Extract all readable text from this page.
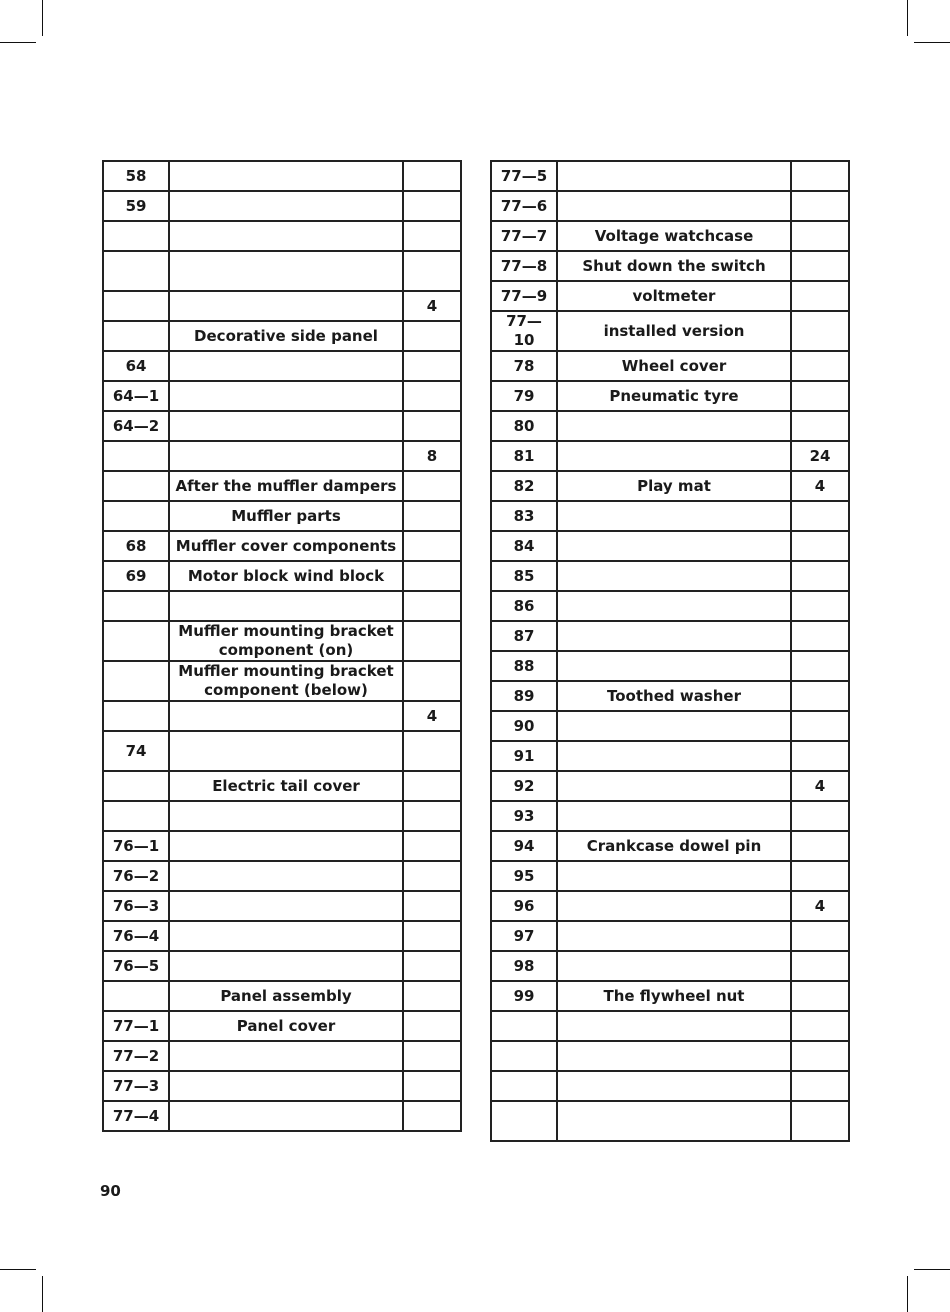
58		
59		

		4
	Decorative side panel	
64		
64—1		
64—2		
		8
	After the muffler dampers	
	Muffler parts	
68	Muffler cover components	
69	Motor block wind block	

	Muffler mounting bracket component (on)	
	Muffler mounting bracket component (below)	
		4
74		
	Electric tail cover	

76—1		
76—2		
76—3		
76—4		
76—5		
	Panel assembly	
77—1	Panel cover	
77—2		
77—3		
77—4		
77—5		
77—6		
77—7	Voltage watchcase	
77—8	Shut down the switch	
77—9	voltmeter	
77—10	installed version	
78	Wheel cover	
79	Pneumatic tyre	
80		
81		24
82	Play mat	4
83		
84		
85		
86		
87		
88		
89	Toothed washer	
90		
91		
92		4
93		
94	Crankcase dowel pin	
95		
96		4
97		
98		
99	The flywheel nut	

90
